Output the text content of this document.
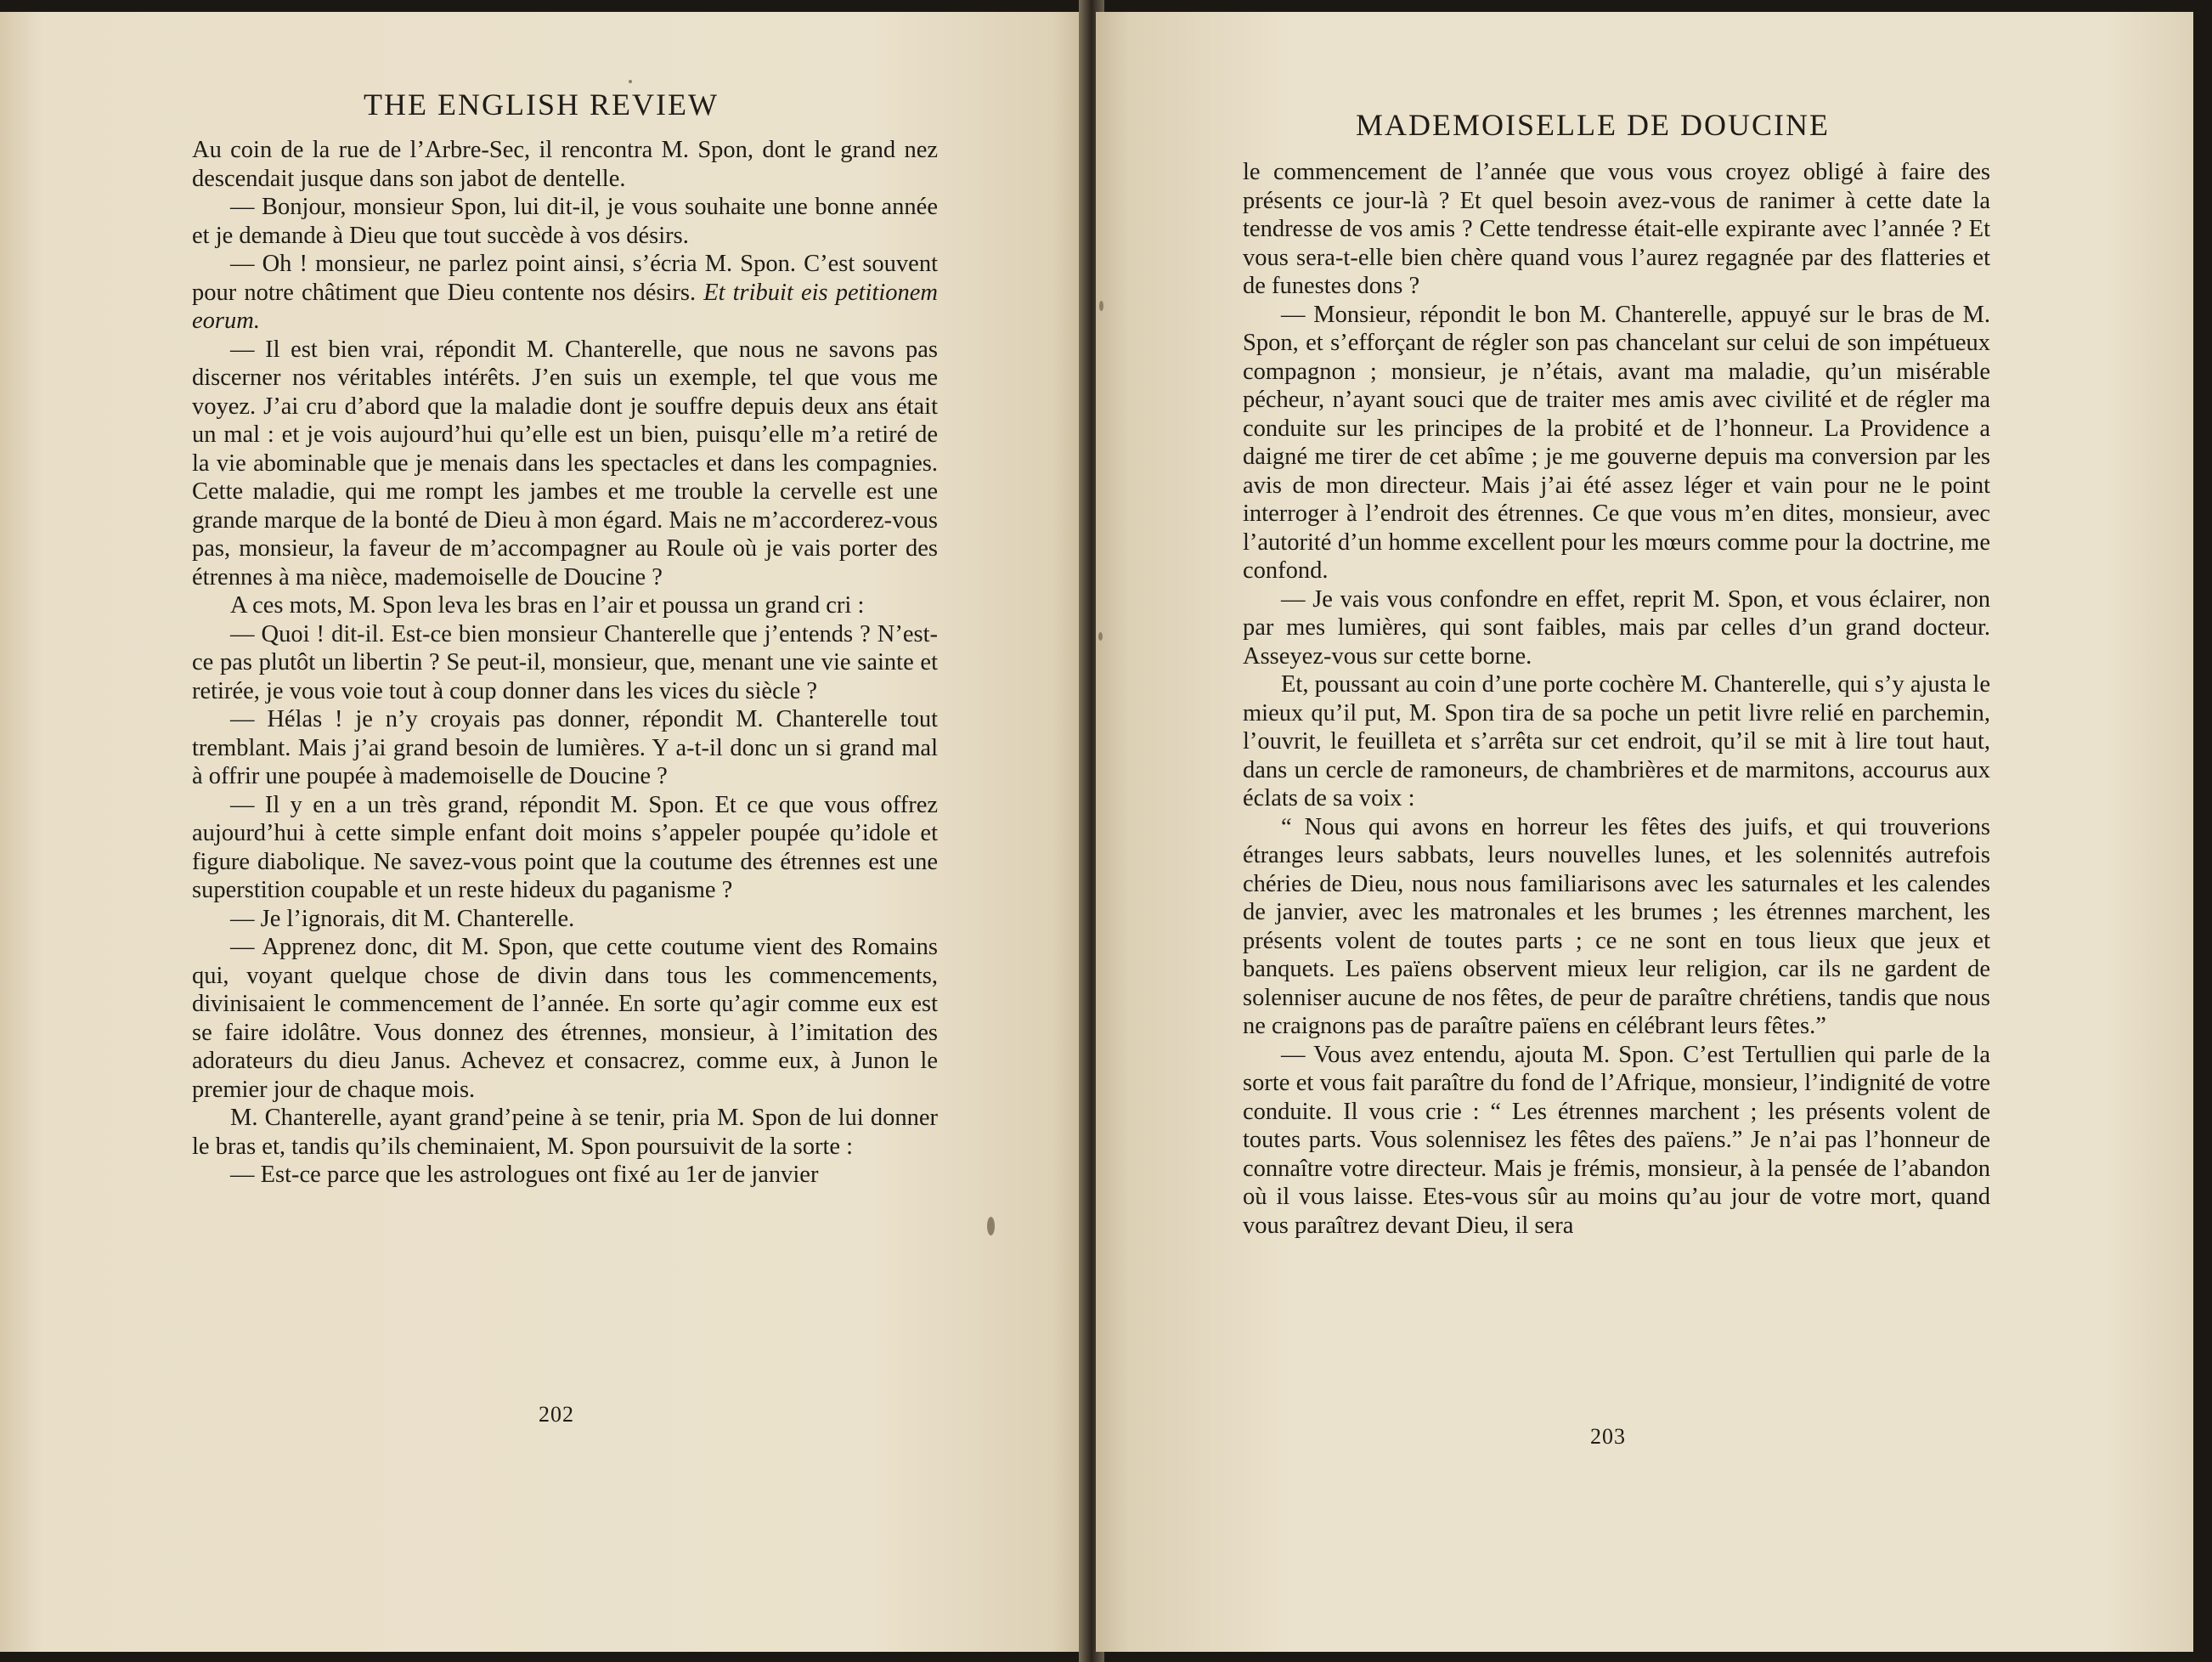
THE ENGLISH REVIEW

Au coin de la rue de l’Arbre-Sec, il rencontra M. Spon, dont le grand nez descendait jusque dans son jabot de dentelle.

— Bonjour, monsieur Spon, lui dit-il, je vous souhaite une bonne année et je demande à Dieu que tout succède à vos désirs.

— Oh ! monsieur, ne parlez point ainsi, s’écria M. Spon. C’est souvent pour notre châtiment que Dieu contente nos désirs. Et tribuit eis petitionem eorum.

— Il est bien vrai, répondit M. Chanterelle, que nous ne savons pas discerner nos véritables intérêts. J’en suis un exemple, tel que vous me voyez. J’ai cru d’abord que la maladie dont je souffre depuis deux ans était un mal : et je vois aujourd’hui qu’elle est un bien, puisqu’elle m’a retiré de la vie abominable que je menais dans les spectacles et dans les compagnies. Cette maladie, qui me rompt les jambes et me trouble la cervelle est une grande marque de la bonté de Dieu à mon égard. Mais ne m’accorderez-vous pas, monsieur, la faveur de m’accompagner au Roule où je vais porter des étrennes à ma nièce, mademoiselle de Doucine ?

A ces mots, M. Spon leva les bras en l’air et poussa un grand cri :

— Quoi ! dit-il. Est-ce bien monsieur Chanterelle que j’entends ? N’est-ce pas plutôt un libertin ? Se peut-il, monsieur, que, menant une vie sainte et retirée, je vous voie tout à coup donner dans les vices du siècle ?

— Hélas ! je n’y croyais pas donner, répondit M. Chanterelle tout tremblant. Mais j’ai grand besoin de lumières. Y a-t-il donc un si grand mal à offrir une poupée à mademoiselle de Doucine ?

— Il y en a un très grand, répondit M. Spon. Et ce que vous offrez aujourd’hui à cette simple enfant doit moins s’appeler poupée qu’idole et figure diabolique. Ne savez-vous point que la coutume des étrennes est une superstition coupable et un reste hideux du paganisme ?

— Je l’ignorais, dit M. Chanterelle.

— Apprenez donc, dit M. Spon, que cette coutume vient des Romains qui, voyant quelque chose de divin dans tous les commencements, divinisaient le commencement de l’année. En sorte qu’agir comme eux est se faire idolâtre. Vous donnez des étrennes, monsieur, à l’imitation des adorateurs du dieu Janus. Achevez et consacrez, comme eux, à Junon le premier jour de chaque mois.

M. Chanterelle, ayant grand’peine à se tenir, pria M. Spon de lui donner le bras et, tandis qu’ils cheminaient, M. Spon poursuivit de la sorte :

— Est-ce parce que les astrologues ont fixé au 1er de janvier

202
MADEMOISELLE DE DOUCINE

le commencement de l’année que vous vous croyez obligé à faire des présents ce jour-là ? Et quel besoin avez-vous de ranimer à cette date la tendresse de vos amis ? Cette tendresse était-elle expirante avec l’année ? Et vous sera-t-elle bien chère quand vous l’aurez regagnée par des flatteries et de funestes dons ?

— Monsieur, répondit le bon M. Chanterelle, appuyé sur le bras de M. Spon, et s’efforçant de régler son pas chancelant sur celui de son impétueux compagnon ; monsieur, je n’étais, avant ma maladie, qu’un misérable pécheur, n’ayant souci que de traiter mes amis avec civilité et de régler ma conduite sur les principes de la probité et de l’honneur. La Providence a daigné me tirer de cet abîme ; je me gouverne depuis ma conversion par les avis de mon directeur. Mais j’ai été assez léger et vain pour ne le point interroger à l’endroit des étrennes. Ce que vous m’en dites, monsieur, avec l’autorité d’un homme excellent pour les mœurs comme pour la doctrine, me confond.

— Je vais vous confondre en effet, reprit M. Spon, et vous éclairer, non par mes lumières, qui sont faibles, mais par celles d’un grand docteur. Asseyez-vous sur cette borne.

Et, poussant au coin d’une porte cochère M. Chanterelle, qui s’y ajusta le mieux qu’il put, M. Spon tira de sa poche un petit livre relié en parchemin, l’ouvrit, le feuilleta et s’arrêta sur cet endroit, qu’il se mit à lire tout haut, dans un cercle de ramoneurs, de chambrières et de marmitons, accourus aux éclats de sa voix :

“ Nous qui avons en horreur les fêtes des juifs, et qui trouverions étranges leurs sabbats, leurs nouvelles lunes, et les solennités autrefois chéries de Dieu, nous nous familiarisons avec les saturnales et les calendes de janvier, avec les matronales et les brumes ; les étrennes marchent, les présents volent de toutes parts ; ce ne sont en tous lieux que jeux et banquets. Les païens observent mieux leur religion, car ils ne gardent de solenniser aucune de nos fêtes, de peur de paraître chrétiens, tandis que nous ne craignons pas de paraître païens en célébrant leurs fêtes.”

— Vous avez entendu, ajouta M. Spon. C’est Tertullien qui parle de la sorte et vous fait paraître du fond de l’Afrique, monsieur, l’indignité de votre conduite. Il vous crie : “ Les étrennes marchent ; les présents volent de toutes parts. Vous solennisez les fêtes des païens.” Je n’ai pas l’honneur de connaître votre directeur. Mais je frémis, monsieur, à la pensée de l’abandon où il vous laisse. Etes-vous sûr au moins qu’au jour de votre mort, quand vous paraîtrez devant Dieu, il sera

203
